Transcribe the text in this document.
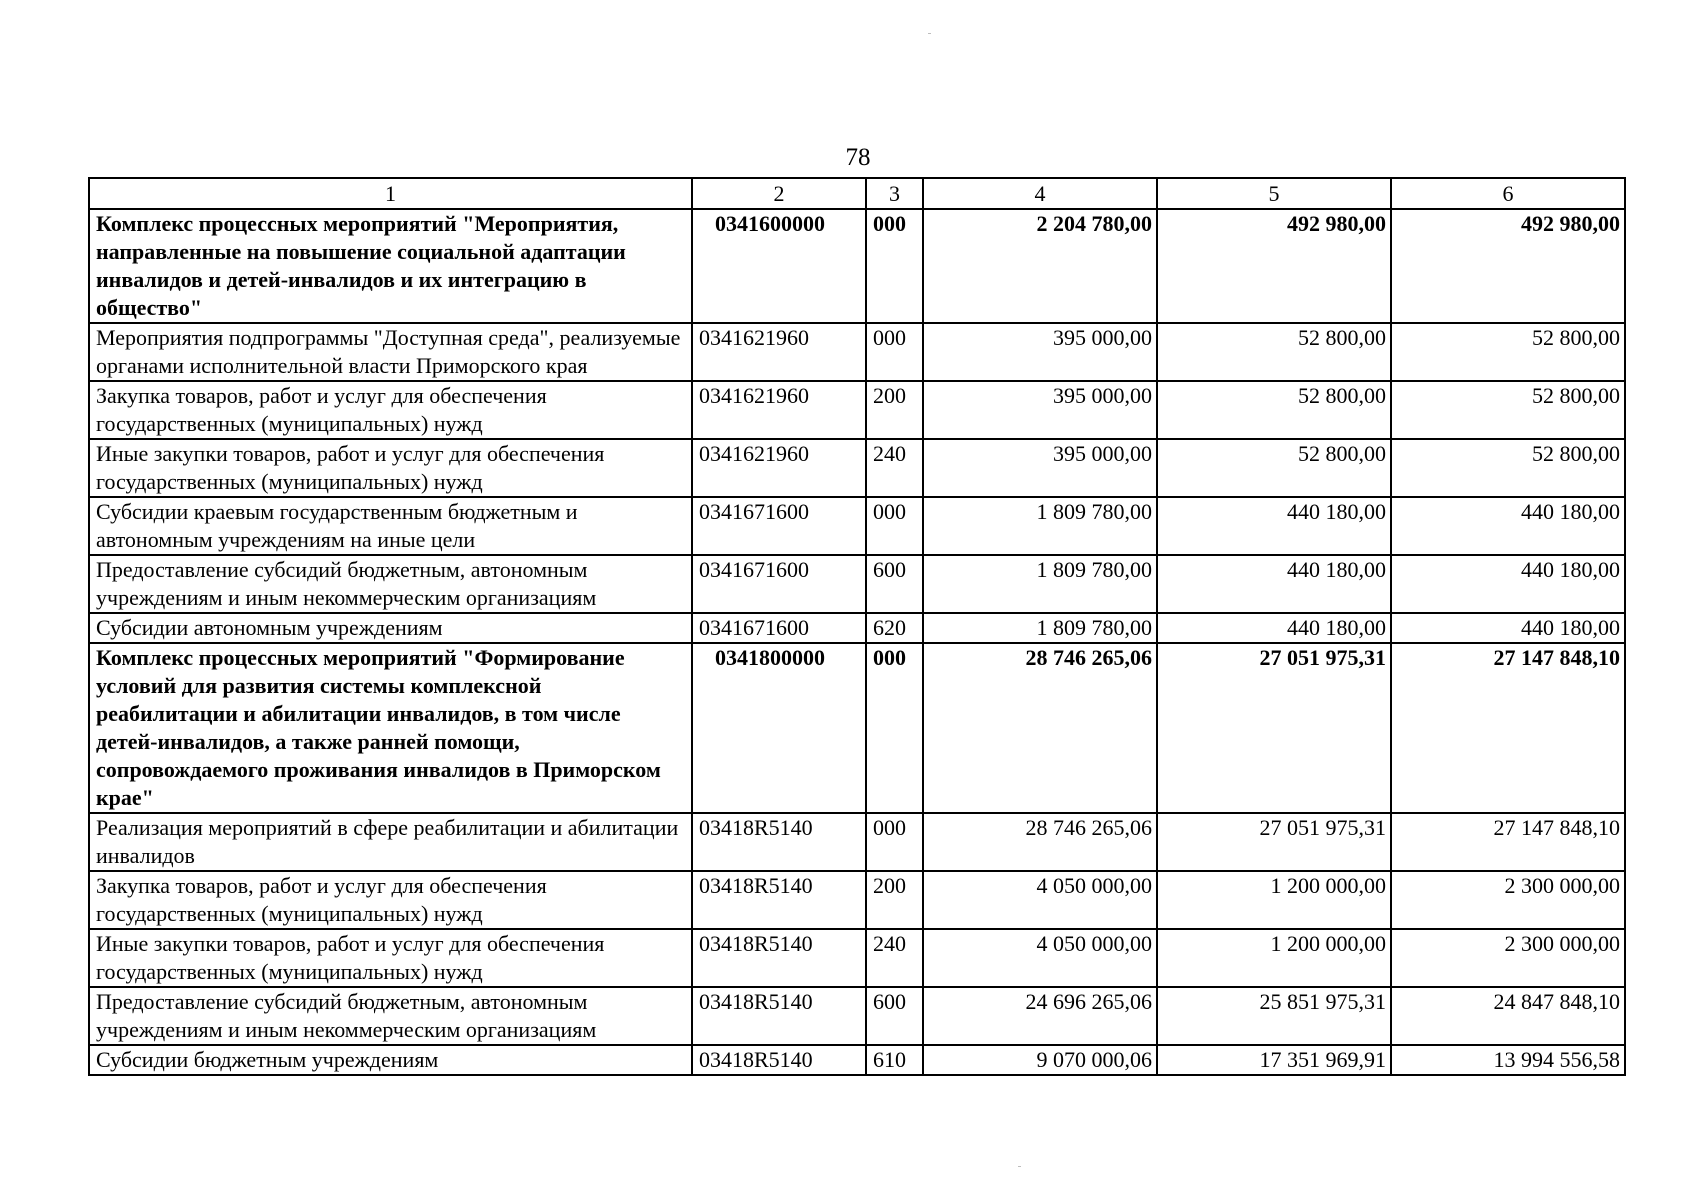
78
1	2	3	4	5	6
Комплекс процессных мероприятий "Мероприятия, направленные на повышение социальной адаптации инвалидов и детей-инвалидов и их интеграцию в общество"	0341600000	000	2 204 780,00	492 980,00	492 980,00
Мероприятия подпрограммы "Доступная среда", реализуемые органами исполнительной власти Приморского края	0341621960	000	395 000,00	52 800,00	52 800,00
Закупка товаров, работ и услуг для обеспечения государственных (муниципальных) нужд	0341621960	200	395 000,00	52 800,00	52 800,00
Иные закупки товаров, работ и услуг для обеспечения государственных (муниципальных) нужд	0341621960	240	395 000,00	52 800,00	52 800,00
Субсидии краевым государственным бюджетным и автономным учреждениям на иные цели	0341671600	000	1 809 780,00	440 180,00	440 180,00
Предоставление субсидий бюджетным, автономным учреждениям и иным некоммерческим организациям	0341671600	600	1 809 780,00	440 180,00	440 180,00
Субсидии автономным учреждениям	0341671600	620	1 809 780,00	440 180,00	440 180,00
Комплекс процессных мероприятий "Формирование условий для развития системы комплексной реабилитации и абилитации инвалидов, в том числе детей-инвалидов, а также ранней помощи, сопровождаемого проживания инвалидов в Приморском крае"	0341800000	000	28 746 265,06	27 051 975,31	27 147 848,10
Реализация мероприятий в сфере реабилитации и абилитации инвалидов	03418R5140	000	28 746 265,06	27 051 975,31	27 147 848,10
Закупка товаров, работ и услуг для обеспечения государственных (муниципальных) нужд	03418R5140	200	4 050 000,00	1 200 000,00	2 300 000,00
Иные закупки товаров, работ и услуг для обеспечения государственных (муниципальных) нужд	03418R5140	240	4 050 000,00	1 200 000,00	2 300 000,00
Предоставление субсидий бюджетным, автономным учреждениям и иным некоммерческим организациям	03418R5140	600	24 696 265,06	25 851 975,31	24 847 848,10
Субсидии бюджетным учреждениям	03418R5140	610	9 070 000,06	17 351 969,91	13 994 556,58
